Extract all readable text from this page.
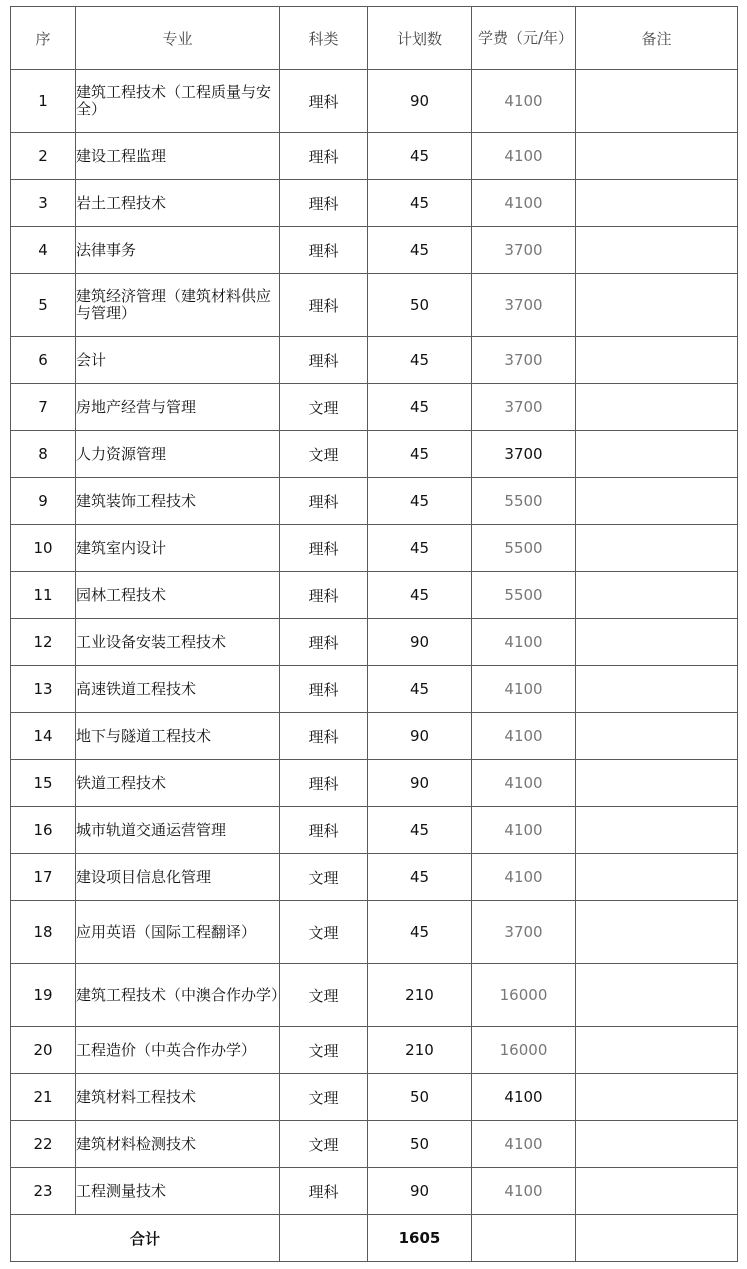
序	专业	科类	计划数	学费（元/年）	备注
1	建筑工程技术（工程质量与安全）	理科	90	4100	
2	建设工程监理	理科	45	4100	
3	岩土工程技术	理科	45	4100	
4	法律事务	理科	45	3700	
5	建筑经济管理（建筑材料供应与管理）	理科	50	3700	
6	会计	理科	45	3700	
7	房地产经营与管理	文理	45	3700	
8	人力资源管理	文理	45	3700	
9	建筑装饰工程技术	理科	45	5500	
10	建筑室内设计	理科	45	5500	
11	园林工程技术	理科	45	5500	
12	工业设备安装工程技术	理科	90	4100	
13	高速铁道工程技术	理科	45	4100	
14	地下与隧道工程技术	理科	90	4100	
15	铁道工程技术	理科	90	4100	
16	城市轨道交通运营管理	理科	45	4100	
17	建设项目信息化管理	文理	45	4100	
18	应用英语（国际工程翻译）	文理	45	3700	
19	建筑工程技术（中澳合作办学）	文理	210	16000	
20	工程造价（中英合作办学）	文理	210	16000	
21	建筑材料工程技术	文理	50	4100	
22	建筑材料检测技术	文理	50	4100	
23	工程测量技术	理科	90	4100	
合计			1605		
